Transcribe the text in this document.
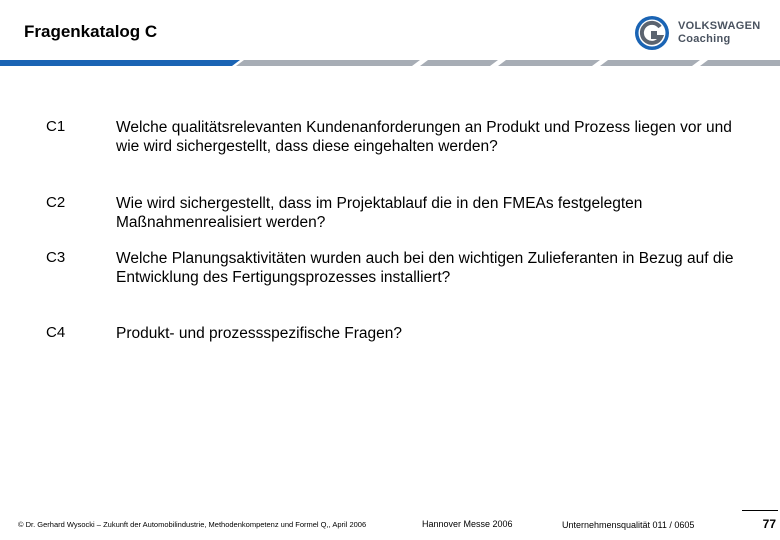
Fragenkatalog C	VOLKSWAGEN
Coaching
C1	Welche qualitätsrelevanten Kundenanforderungen an Produkt und Prozess liegen vor und wie wird sichergestellt, dass diese eingehalten werden?
C2	Wie wird sichergestellt, dass im Projektablauf die in den FMEAs festgelegten Maßnahmenrealisiert werden?
C3	Welche Planungsaktivitäten wurden auch bei den wichtigen Zulieferanten in Bezug auf die Entwicklung des Fertigungsprozesses installiert?
C4	Produkt- und prozessspezifische Fragen?
© Dr. Gerhard Wysocki – Zukunft der Automobilindustrie, Methodenkompetenz und Formel Q,, April 2006	Hannover Messe 2006	Unternehmensqualität 011 / 0605	77
